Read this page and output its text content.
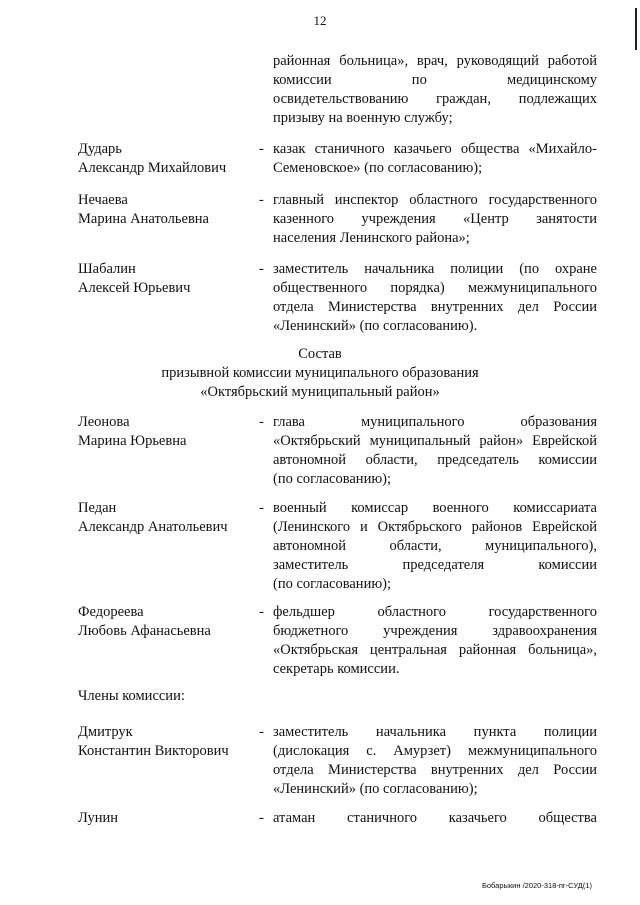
12
районная больница», врач, руководящий работой
комиссии по медицинскому
освидетельствованию граждан, подлежащих
призыву на военную службу;
Дударь
Александр Михайлович
- казак станичного казачьего общества «Михайло-
Семеновское» (по согласованию);
Нечаева
Марина Анатольевна
- главный инспектор областного государственного
казенного учреждения «Центр занятости
населения Ленинского района»;
Шабалин
Алексей Юрьевич
- заместитель начальника полиции (по охране
общественного порядка) межмуниципального
отдела Министерства внутренних дел России
«Ленинский» (по согласованию).
Состав
призывной комиссии муниципального образования
«Октябрьский муниципальный район»
Леонова
Марина Юрьевна
- глава муниципального образования
«Октябрьский муниципальный район» Еврейской
автономной области, председатель комиссии
(по согласованию);
Педан
Александр Анатольевич
- военный комиссар военного комиссариата
(Ленинского и Октябрьского районов Еврейской
автономной области, муниципального),
заместитель председателя комиссии
(по согласованию);
Федореева
Любовь Афанасьевна
- фельдшер областного государственного
бюджетного учреждения здравоохранения
«Октябрьская центральная районная больница»,
секретарь комиссии.
Члены комиссии:
Дмитрук
Константин Викторович
- заместитель начальника пункта полиции
(дислокация с. Амурзет) межмуниципального
отдела Министерства внутренних дел России
«Ленинский» (по согласованию);
Лунин	- атаман станичного казачьего общества
Бобарыкин /2020-318-пг-СУД(1)
